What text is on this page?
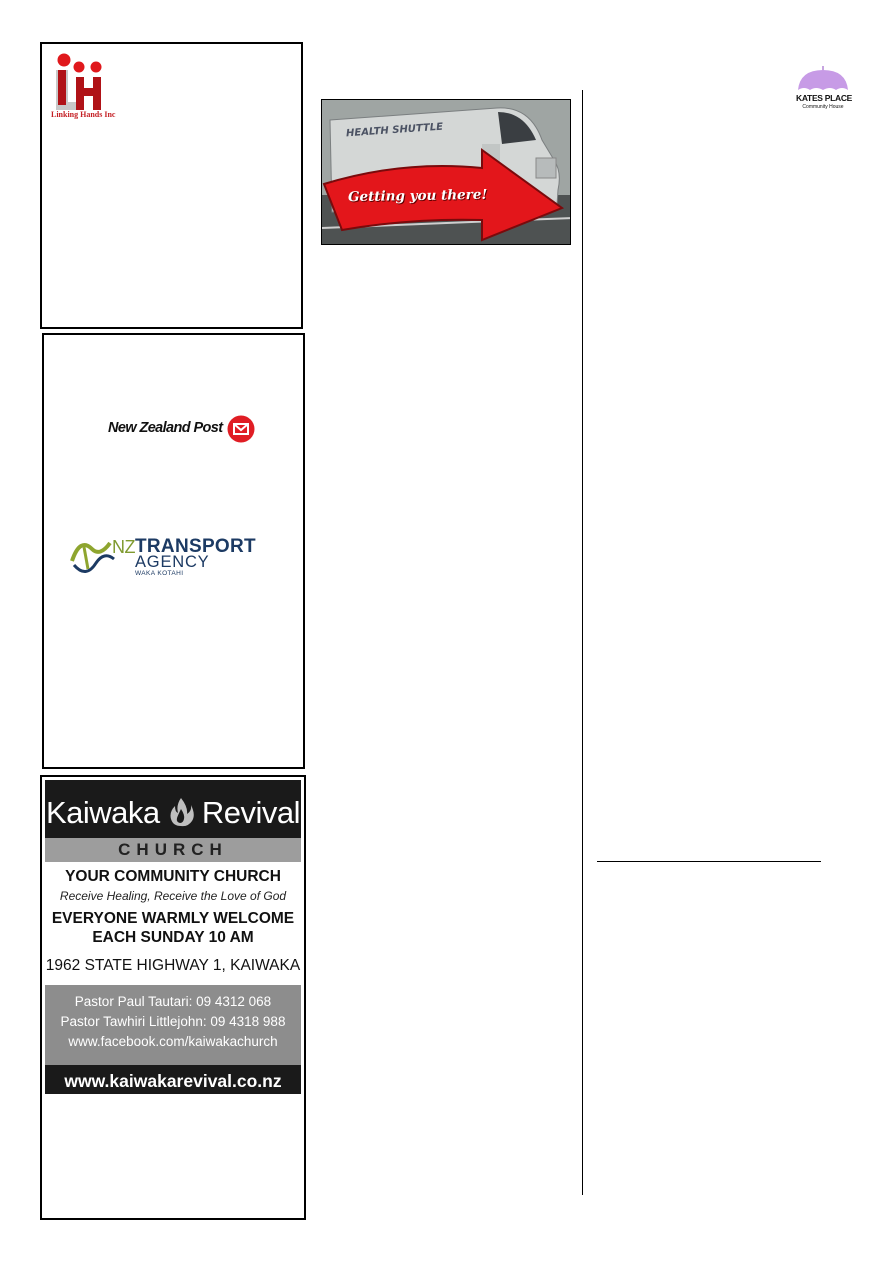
Linking Hands Inc
HEALTH SHUTTLE
Getting you there!
KATES PLACE
Community House
New Zealand Post
NZ TRANSPORT
AGENCY
WAKA KOTAHI
Kaiwaka Revival
CHURCH
YOUR COMMUNITY CHURCH
Receive Healing, Receive the Love of God
EVERYONE WARMLY WELCOME
EACH SUNDAY 10 AM
1962 STATE HIGHWAY 1, KAIWAKA
Pastor Paul Tautari: 09 4312 068
Pastor Tawhiri Littlejohn: 09 4318 988
www.facebook.com/kaiwakachurch
www.kaiwakarevival.co.nz
